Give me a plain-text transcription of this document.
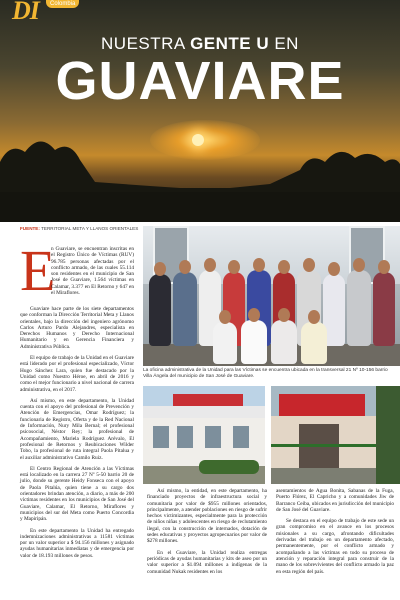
DI	Colombia
NUESTRA GENTE U EN
GUAVIARE
FUENTE: TERRITORIAL META Y LLANOS ORIENTALES
La oficina administrativa de la Unidad para las Víctimas se encuentra ubicada en la transversal 21 Nº 10-156 barrio Villa Ángela del municipio de San José de Guaviare.
E
n Guaviare, se encuentran inscritas en el Registro Único de Víctimas (RUV) 96.785 personas afectadas por el conflicto armado, de las cuales 55.114 son residentes en el municipio de San José de Guaviare, 1.564 víctimas en Calamar, 3.377 en El Retorno y 647 en el Miraflores.

Guaviare hace parte de los siete departamentos que conforman la Dirección Territorial Meta y Llanos orientales, bajo la dirección del ingeniero agrónomo Carlos Arturo Pardo Alejandres, especialista en Derechos Humanos y Derecho Internacional Humanitario y en Gerencia Financiera y Administrativa Pública.

El equipo de trabajo de la Unidad en el Guaviare está liderado por el profesional especializado, Víctor Hugo Sánchez Lara, quien fue destacado por la Unidad como Nuestro Héroe, en abril de 2016 y como el mejor funcionario a nivel nacional de carrera administrativa, en el 2017.

Así mismo, en este departamento, la Unidad cuenta con el apoyo del profesional de Prevención y Atención de Emergencias, Omar Rodríguez; la funcionaria de Registro, Oferta y de la Red Nacional de Información, Nury Mila Bernal; el profesional psicosocial, Néstor Rey; la profesional de Acompañamiento, Mariela Rodríguez Arévalo, El profesional de Retornos y Reubicaciones Wilder Tobo, la profesional de ruta integral Paola Pitalua y el auxiliar administrativo Camilo Ruiz.

El Centro Regional de Atención a las Víctimas está localizado en la carrera 27 Nº 5-50 barrio 20 de julio, donde su gerente Heidy Fonseca con el apoyo de Paola Pitalúa, quien tiene a su cargo dos orientadores brindan atención, a diario, a más de 200 víctimas residentes en los municipios de San José del Guaviare, Calamar, El Retorno, Miraflores y municipios del sur del Meta como Puerto Concordia y Mapiripán.

En este departamento la Unidad ha entregado indemnizaciones administrativas a 11581 víctimas por un valor superior a $ 94.156 millones y asignado ayudas humanitarias inmediatas y de emergencia por valor de 18.193 millones de pesos.

Así mismo, la entidad, en este departamento, ha financiado proyectos de infraestructura social y comunitaria por valor de $955 millones orientados, principalmente, a atender poblaciones en riesgo de sufrir hechos victimizantes, especialmente para la protección de niños niñas y adolescentes en riesgo de reclutamiento ilegal, con la construcción de internados, dotación de sedes educativas y proyectos agropecuarios por valor de $278 millones.

En el Guaviare, la Unidad realiza entregas periódicas de ayudas humanitarias y kits de aseo por un valor superior a $1.094 millones a indígenas de la comunidad Nukak residentes en los

asentamientos de Agua Bonita, Sabanas de la Fuga, Puerto Flórez, El Capricho y a comunidades Jiw de Barranco Ceiba, ubicados en jurisdicción del municipio de San José del Guaviare.

Se destaca en el equipo de trabajo de este sede un gran compromiso en el avance en los procesos misionales a su cargo, afrontando dificultades derivadas del trabajo en un departamento afectado, permanentemente, por el conflicto armado y acompañando a las víctimas en todo su proceso de atención y reparación integral para construir de la mano de los sobrevivientes del conflicto armado la paz en esta región del país.
